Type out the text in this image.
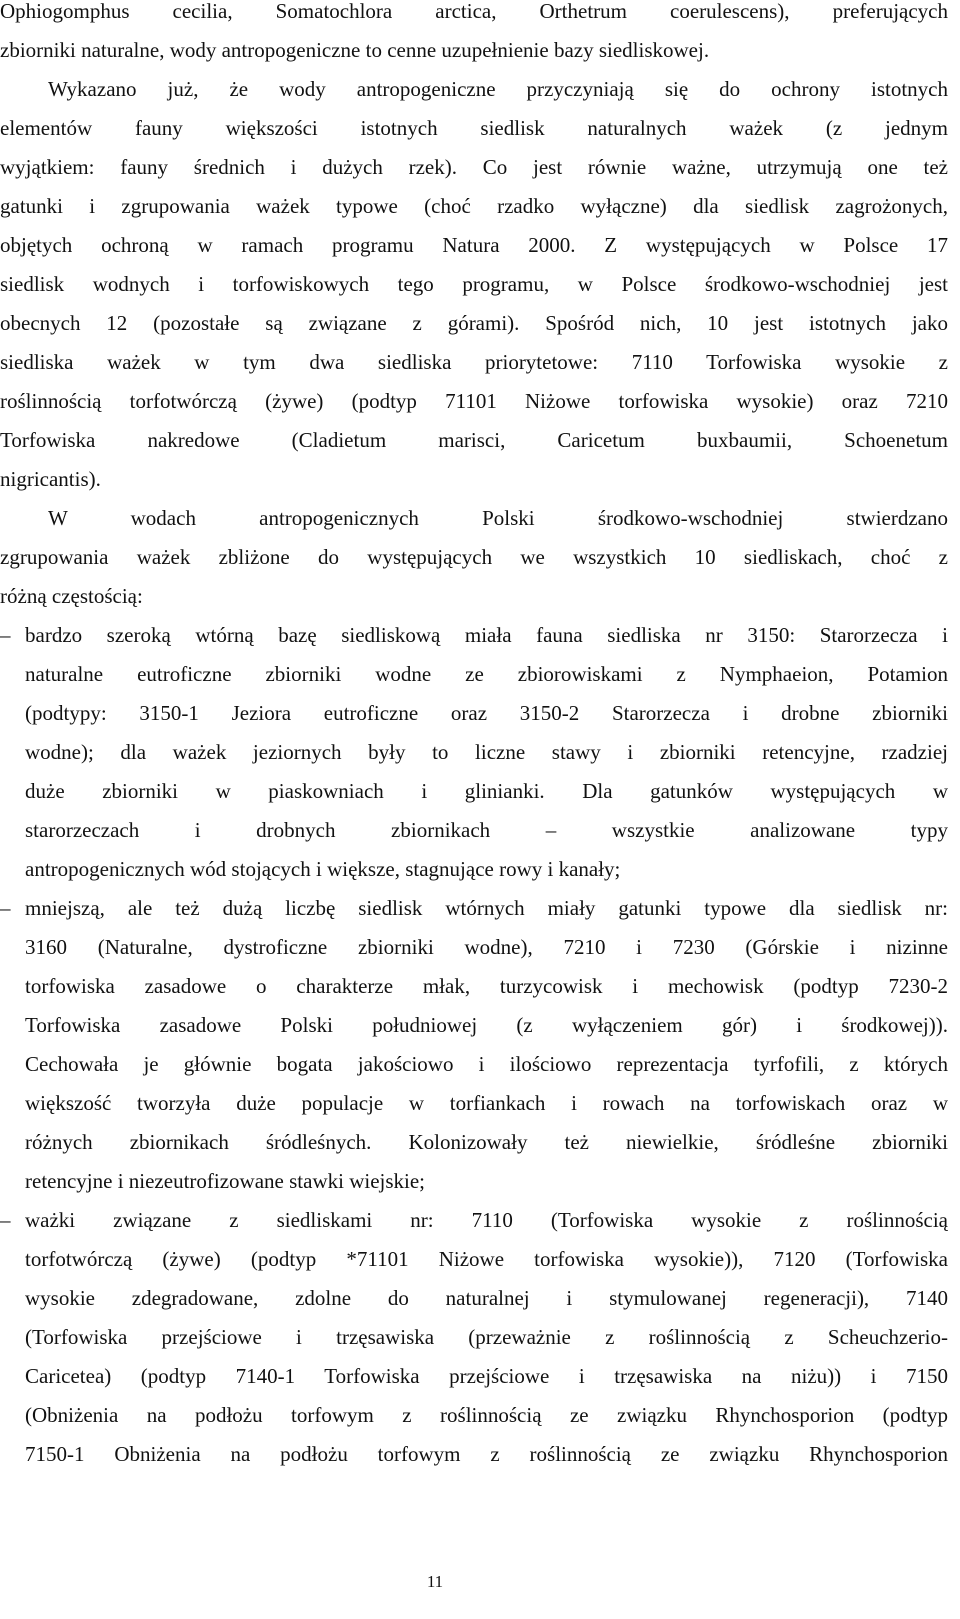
Ophiogomphus cecilia, Somatochlora arctica, Orthetrum coerulescens), preferujących
zbiorniki naturalne, wody antropogeniczne to cenne uzupełnienie bazy siedliskowej.
Wykazano już, że wody antropogeniczne przyczyniają się do ochrony istotnych
elementów fauny większości istotnych siedlisk naturalnych ważek (z jednym
wyjątkiem: fauny średnich i dużych rzek). Co jest równie ważne, utrzymują one też
gatunki i zgrupowania ważek typowe (choć rzadko wyłączne) dla siedlisk zagrożonych,
objętych ochroną w ramach programu Natura 2000. Z występujących w Polsce 17
siedlisk wodnych i torfowiskowych tego programu, w Polsce środkowo-wschodniej jest
obecnych 12 (pozostałe są związane z górami). Spośród nich, 10 jest istotnych jako
siedliska ważek w tym dwa siedliska priorytetowe: 7110 Torfowiska wysokie z
roślinnością torfotwórczą (żywe) (podtyp 71101 Niżowe torfowiska wysokie) oraz 7210
Torfowiska nakredowe (Cladietum marisci, Caricetum buxbaumii, Schoenetum
nigricantis).
W wodach antropogenicznych Polski środkowo-wschodniej stwierdzano
zgrupowania ważek zbliżone do występujących we wszystkich 10 siedliskach, choć z
różną częstością:
– bardzo szeroką wtórną bazę siedliskową miała fauna siedliska nr 3150: Starorzecza i
naturalne eutroficzne zbiorniki wodne ze zbiorowiskami z Nymphaeion, Potamion
(podtypy: 3150-1 Jeziora eutroficzne oraz 3150-2 Starorzecza i drobne zbiorniki
wodne); dla ważek jeziornych były to liczne stawy i zbiorniki retencyjne, rzadziej
duże zbiorniki w piaskowniach i glinianki. Dla gatunków występujących w
starorzeczach i drobnych zbiornikach – wszystkie analizowane typy
antropogenicznych wód stojących i większe, stagnujące rowy i kanały;
– mniejszą, ale też dużą liczbę siedlisk wtórnych miały gatunki typowe dla siedlisk nr:
3160 (Naturalne, dystroficzne zbiorniki wodne), 7210 i 7230 (Górskie i nizinne
torfowiska zasadowe o charakterze młak, turzycowisk i mechowisk (podtyp 7230-2
Torfowiska zasadowe Polski południowej (z wyłączeniem gór) i środkowej)).
Cechowała je głównie bogata jakościowo i ilościowo reprezentacja tyrfofili, z których
większość tworzyła duże populacje w torfiankach i rowach na torfowiskach oraz w
różnych zbiornikach śródleśnych. Kolonizowały też niewielkie, śródleśne zbiorniki
retencyjne i niezeutrofizowane stawki wiejskie;
– ważki związane z siedliskami nr: 7110 (Torfowiska wysokie z roślinnością
torfotwórczą (żywe) (podtyp *71101 Niżowe torfowiska wysokie)), 7120 (Torfowiska
wysokie zdegradowane, zdolne do naturalnej i stymulowanej regeneracji), 7140
(Torfowiska przejściowe i trzęsawiska (przeważnie z roślinnością z Scheuchzerio-
Caricetea) (podtyp 7140-1 Torfowiska przejściowe i trzęsawiska na niżu)) i 7150
(Obniżenia na podłożu torfowym z roślinnością ze związku Rhynchosporion (podtyp
7150-1 Obniżenia na podłożu torfowym z roślinnością ze związku Rhynchosporion
11
